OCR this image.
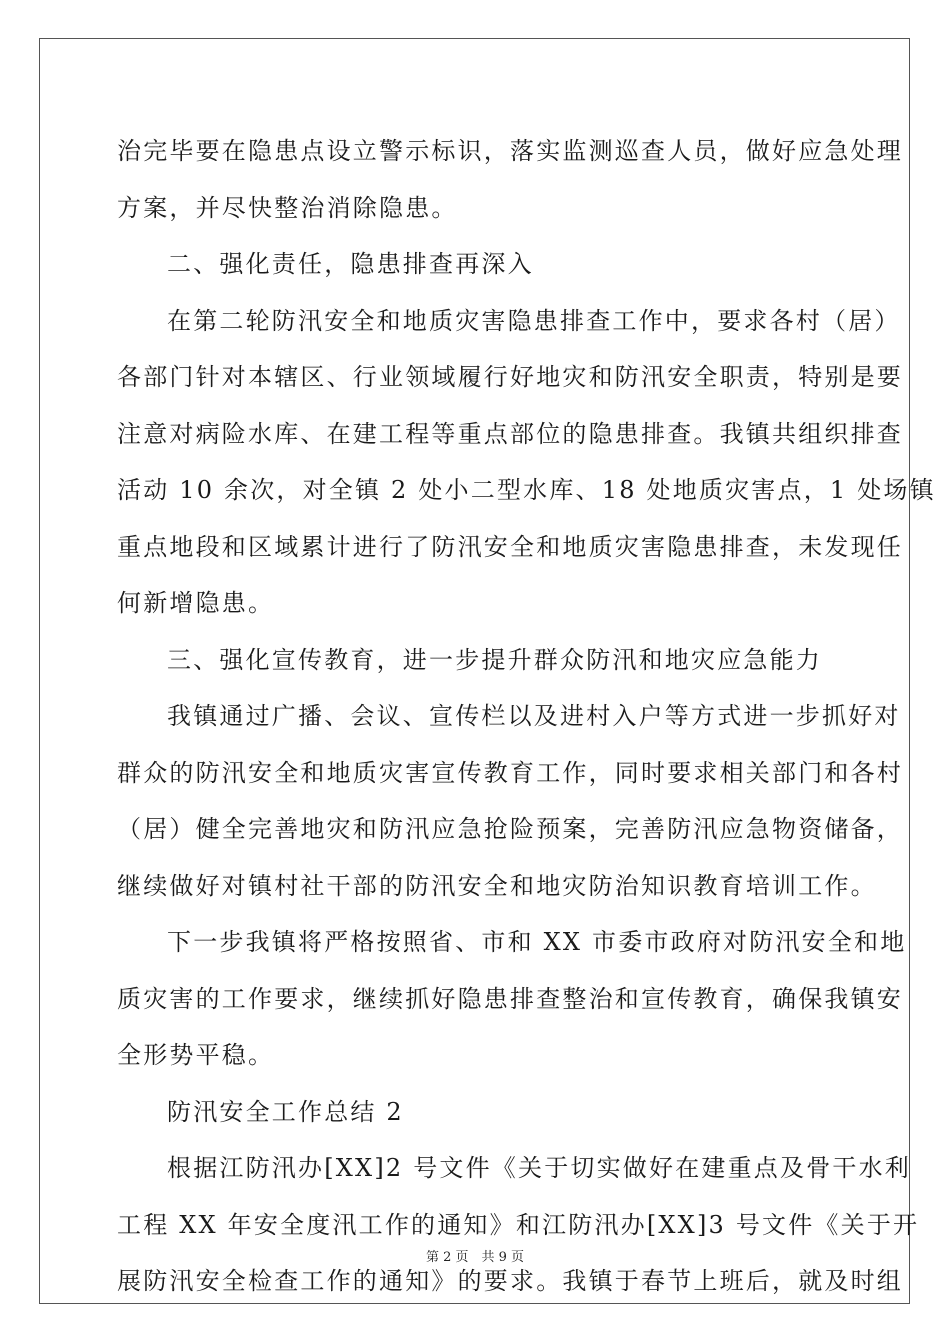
治完毕要在隐患点设立警示标识，落实监测巡查人员，做好应急处理
方案，并尽快整治消除隐患。
二、强化责任，隐患排查再深入
在第二轮防汛安全和地质灾害隐患排查工作中，要求各村（居）
各部门针对本辖区、行业领域履行好地灾和防汛安全职责，特别是要
注意对病险水库、在建工程等重点部位的隐患排查。我镇共组织排查
活动 10 余次，对全镇 2 处小二型水库、18 处地质灾害点，1 处场镇
重点地段和区域累计进行了防汛安全和地质灾害隐患排查，未发现任
何新增隐患。
三、强化宣传教育，进一步提升群众防汛和地灾应急能力
我镇通过广播、会议、宣传栏以及进村入户等方式进一步抓好对
群众的防汛安全和地质灾害宣传教育工作，同时要求相关部门和各村
（居）健全完善地灾和防汛应急抢险预案，完善防汛应急物资储备，
继续做好对镇村社干部的防汛安全和地灾防治知识教育培训工作。
下一步我镇将严格按照省、市和 XX 市委市政府对防汛安全和地
质灾害的工作要求，继续抓好隐患排查整治和宣传教育，确保我镇安
全形势平稳。
防汛安全工作总结 2
根据江防汛办[XX]2 号文件《关于切实做好在建重点及骨干水利
工程 XX 年安全度汛工作的通知》和江防汛办[XX]3 号文件《关于开
展防汛安全检查工作的通知》的要求。我镇于春节上班后，就及时组
第 2 页　共 9 页
